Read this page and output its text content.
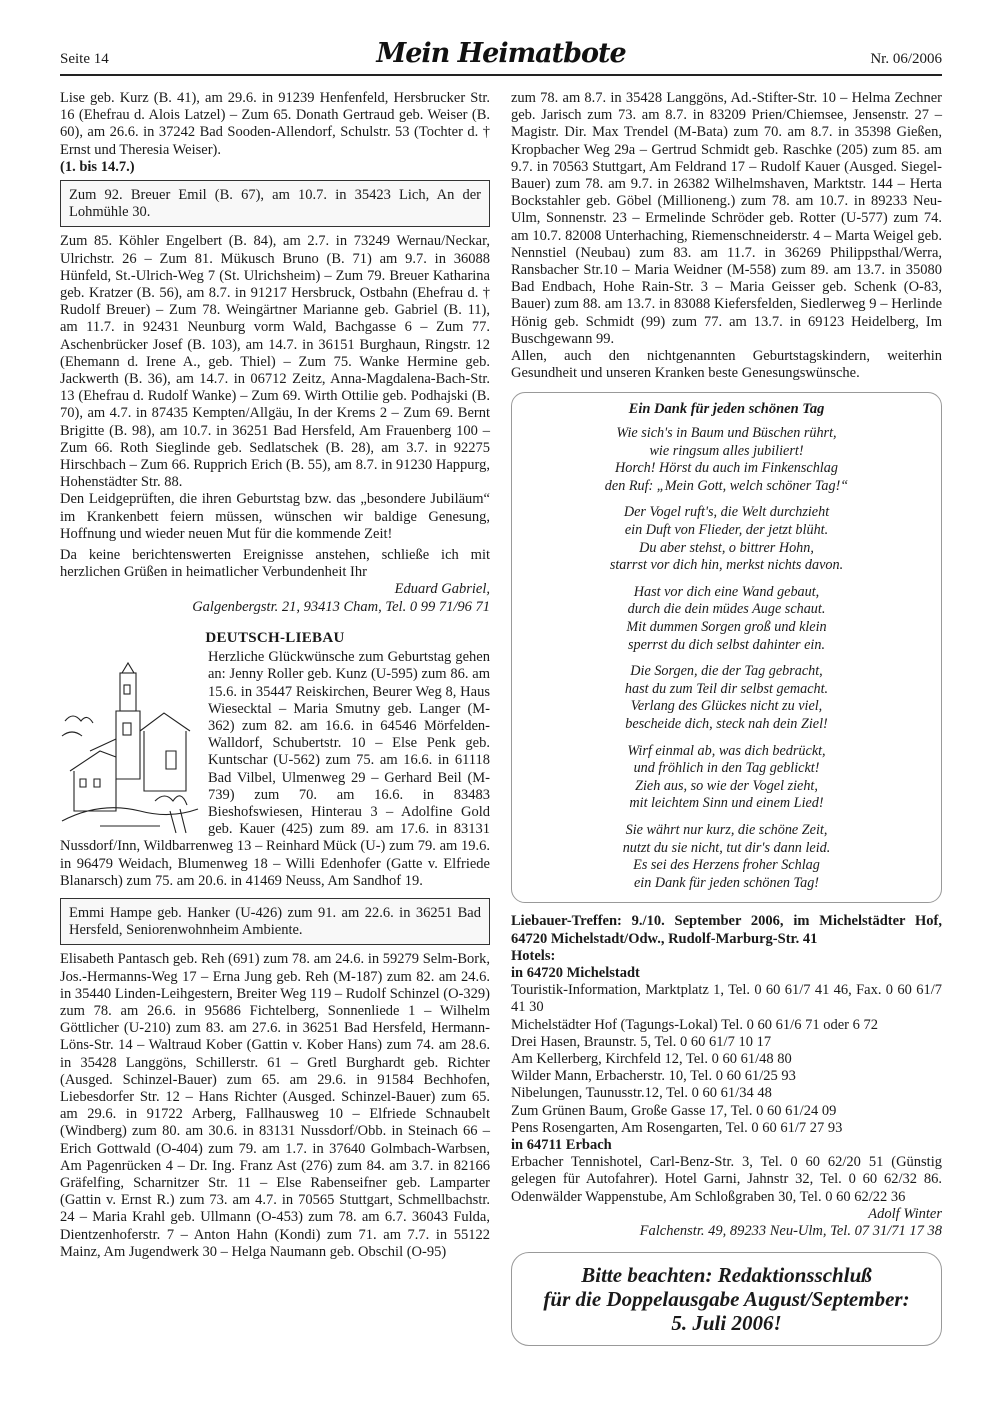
Seite 14	Mein Heimatbote	Nr. 06/2006

Lise geb. Kurz (B. 41), am 29.6. in 91239 Henfenfeld, Hersbrucker Str. 16 (Ehefrau d. Alois Latzel) – Zum 65. Donath Gertraud geb. Weiser (B. 60), am 26.6. in 37242 Bad Sooden-Allendorf, Schulstr. 53 (Tochter d. † Ernst und Theresia Weiser).

(1. bis 14.7.)

Zum 92. Breuer Emil (B. 67), am 10.7. in 35423 Lich, An der Lohmühle 30.

Zum 85. Köhler Engelbert (B. 84), am 2.7. in 73249 Wernau/Neckar, Ulrichstr. 26 – Zum 81. Mükusch Bruno (B. 71) am 9.7. in 36088 Hünfeld, St.-Ulrich-Weg 7 (St. Ulrichsheim) – Zum 79. Breuer Katharina geb. Kratzer (B. 56), am 8.7. in 91217 Hersbruck, Ostbahn (Ehefrau d. † Rudolf Breuer) – Zum 78. Weingärtner Marianne geb. Gabriel (B. 11), am 11.7. in 92431 Neunburg vorm Wald, Bachgasse 6 – Zum 77. Aschenbrücker Josef (B. 103), am 14.7. in 36151 Burghaun, Ringstr. 12 (Ehemann d. Irene A., geb. Thiel) – Zum 75. Wanke Hermine geb. Jackwerth (B. 36), am 14.7. in 06712 Zeitz, Anna-Magdalena-Bach-Str. 13 (Ehefrau d. Rudolf Wanke) – Zum 69. Wirth Ottilie geb. Podhajski (B. 70), am 4.7. in 87435 Kempten/Allgäu, In der Krems 2 – Zum 69. Bernt Brigitte (B. 98), am 10.7. in 36251 Bad Hersfeld, Am Frauenberg 100 – Zum 66. Roth Sieglinde geb. Sedlatschek (B. 28), am 3.7. in 92275 Hirschbach – Zum 66. Rupprich Erich (B. 55), am 8.7. in 91230 Happurg, Hohenstädter Str. 88.

Den Leidgeprüften, die ihren Geburtstag bzw. das „besondere Jubiläum“ im Krankenbett feiern müssen, wünschen wir baldige Genesung, Hoffnung und wieder neuen Mut für die kommende Zeit!

Da keine berichtenswerten Ereignisse anstehen, schließe ich mit herzlichen Grüßen in heimatlicher Verbundenheit Ihr

Eduard Gabriel,

Galgenbergstr. 21, 93413 Cham, Tel. 0 99 71/96 71

DEUTSCH-LIEBAU
Herzliche Glückwünsche zum Geburtstag gehen an: Jenny Roller geb. Kunz (U-595) zum 86. am 15.6. in 35447 Reiskirchen, Beurer Weg 8, Haus Wiesecktal – Maria Smutny geb. Langer (M-362) zum 82. am 16.6. in 64546 Mörfelden-Walldorf, Schubertstr. 10 – Else Penk geb. Kuntschar (U-562) zum 75. am 16.6. in 61118 Bad Vilbel, Ulmenweg 29 – Gerhard Beil (M-739) zum 70. am 16.6. in 83483 Bieshofswiesen, Hinterau 3 – Adolfine Gold geb. Kauer (425) zum 89. am 17.6. in 83131 Nussdorf/Inn, Wildbarrenweg 13 – Reinhard Mück (U-) zum 79. am 19.6. in 96479 Weidach, Blumenweg 18 – Willi Edenhofer (Gatte v. Elfriede Blanarsch) zum 75. am 20.6. in 41469 Neuss, Am Sandhof 19.
Emmi Hampe geb. Hanker (U-426) zum 91. am 22.6. in 36251 Bad Hersfeld, Seniorenwohnheim Ambiente.

Elisabeth Pantasch geb. Reh (691) zum 78. am 24.6. in 59279 Selm-Bork, Jos.-Hermanns-Weg 17 – Erna Jung geb. Reh (M-187) zum 82. am 24.6. in 35440 Linden-Leihgestern, Breiter Weg 119 – Rudolf Schinzel (O-329) zum 78. am 26.6. in 95686 Fichtelberg, Sonnenliede 1 – Wilhelm Göttlicher (U-210) zum 83. am 27.6. in 36251 Bad Hersfeld, Hermann-Löns-Str. 14 – Waltraud Kober (Gattin v. Kober Hans) zum 74. am 28.6. in 35428 Langgöns, Schillerstr. 61 – Gretl Burghardt geb. Richter (Ausged. Schinzel-Bauer) zum 65. am 29.6. in 91584 Bechhofen, Liebesdorfer Str. 12 – Hans Richter (Ausged. Schinzel-Bauer) zum 65. am 29.6. in 91722 Arberg, Fallhausweg 10 – Elfriede Schnaubelt (Windberg) zum 80. am 30.6. in 83131 Nussdorf/Obb. in Steinach 66 – Erich Gottwald (O-404) zum 79. am 1.7. in 37640 Golmbach-Warbsen, Am Pagenrücken 4 – Dr. Ing. Franz Ast (276) zum 84. am 3.7. in 82166 Gräfelfing, Scharnitzer Str. 11 – Else Rabenseifner geb. Lamparter (Gattin v. Ernst R.) zum 73. am 4.7. in 70565 Stuttgart, Schmellbachstr. 24 – Maria Krahl geb. Ullmann (O-453) zum 78. am 6.7. 36043 Fulda, Dientzenhoferstr. 7 – Anton Hahn (Kondi) zum 71. am 7.7. in 55122 Mainz, Am Jugendwerk 30 – Helga Naumann geb. Obschil (O-95)

zum 78. am 8.7. in 35428 Langgöns, Ad.-Stifter-Str. 10 – Helma Zechner geb. Jarisch zum 73. am 8.7. in 83209 Prien/Chiemsee, Jensenstr. 27 – Magistr. Dir. Max Trendel (M-Bata) zum 70. am 8.7. in 35398 Gießen, Kropbacher Weg 29a – Gertrud Schmidt geb. Raschke (205) zum 85. am 9.7. in 70563 Stuttgart, Am Feldrand 17 – Rudolf Kauer (Ausged. Siegel-Bauer) zum 78. am 9.7. in 26382 Wilhelmshaven, Marktstr. 144 – Herta Bockstahler geb. Göbel (Millioneng.) zum 78. am 10.7. in 89233 Neu-Ulm, Sonnenstr. 23 – Ermelinde Schröder geb. Rotter (U-577) zum 74. am 10.7. 82008 Unterhaching, Riemenschneiderstr. 4 – Marta Weigel geb. Nennstiel (Neubau) zum 83. am 11.7. in 36269 Philippsthal/Werra, Ransbacher Str.10 – Maria Weidner (M-558) zum 89. am 13.7. in 35080 Bad Endbach, Hohe Rain-Str. 3 – Maria Geisser geb. Schenk (O-83, Bauer) zum 88. am 13.7. in 83088 Kiefersfelden, Siedlerweg 9 – Herlinde Hönig geb. Schmidt (99) zum 77. am 13.7. in 69123 Heidelberg, Im Buschgewann 99.

Allen, auch den nichtgenannten Geburtstagskindern, weiterhin Gesundheit und unseren Kranken beste Genesungswünsche.

Ein Dank für jeden schönen Tag
Wie sich's in Baum und Büschen rührt,
wie ringsum alles jubiliert!
Horch! Hörst du auch im Finkenschlag
den Ruf: „Mein Gott, welch schöner Tag!“
Der Vogel ruft's, die Welt durchzieht
ein Duft von Flieder, der jetzt blüht.
Du aber stehst, o bittrer Hohn,
starrst vor dich hin, merkst nichts davon.
Hast vor dich eine Wand gebaut,
durch die dein müdes Auge schaut.
Mit dummen Sorgen groß und klein
sperrst du dich selbst dahinter ein.
Die Sorgen, die der Tag gebracht,
hast du zum Teil dir selbst gemacht.
Verlang des Glückes nicht zu viel,
bescheide dich, steck nah dein Ziel!
Wirf einmal ab, was dich bedrückt,
und fröhlich in den Tag geblickt!
Zieh aus, so wie der Vogel zieht,
mit leichtem Sinn und einem Lied!
Sie währt nur kurz, die schöne Zeit,
nutzt du sie nicht, tut dir's dann leid.
Es sei des Herzens froher Schlag
ein Dank für jeden schönen Tag!

Liebauer-Treffen: 9./10. September 2006, im Michelstädter Hof, 64720 Michelstadt/Odw., Rudolf-Marburg-Str. 41

Hotels:

in 64720 Michelstadt

Touristik-Information, Marktplatz 1, Tel. 0 60 61/7 41 46, Fax. 0 60 61/7 41 30

Michelstädter Hof (Tagungs-Lokal) Tel. 0 60 61/6 71 oder 6 72

Drei Hasen, Braunstr. 5, Tel. 0 60 61/7 10 17

Am Kellerberg, Kirchfeld 12, Tel. 0 60 61/48 80

Wilder Mann, Erbacherstr. 10, Tel. 0 60 61/25 93

Nibelungen, Taunusstr.12, Tel. 0 60 61/34 48

Zum Grünen Baum, Große Gasse 17, Tel. 0 60 61/24 09

Pens Rosengarten, Am Rosengarten, Tel. 0 60 61/7 27 93

in 64711 Erbach

Erbacher Tennishotel, Carl-Benz-Str. 3, Tel. 0 60 62/20 51 (Günstig gelegen für Autofahrer). Hotel Garni, Jahnstr 32, Tel. 0 60 62/32 86. Odenwälder Wappenstube, Am Schloßgraben 30, Tel. 0 60 62/22 36

Adolf Winter

Falchenstr. 49, 89233 Neu-Ulm, Tel. 07 31/71 17 38

Bitte beachten: Redaktionsschluß
für die Doppelausgabe August/September:
5. Juli 2006!
